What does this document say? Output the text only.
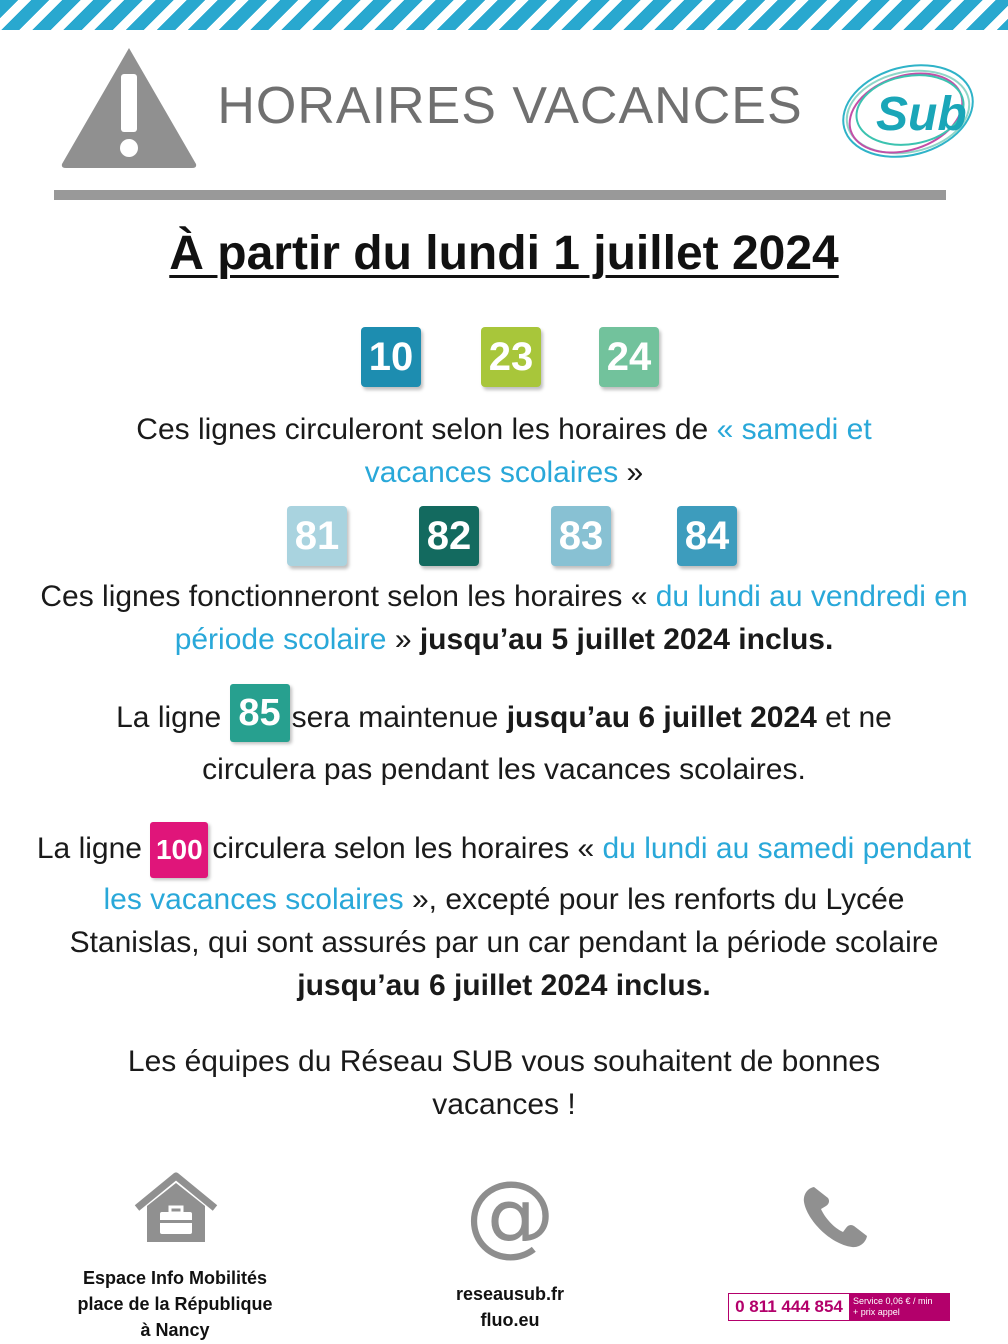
HORAIRES VACANCES	Sub
À partir du lundi 1 juillet 2024
10 23 24
Ces lignes circuleront selon les horaires de « samedi et vacances scolaires »
81 82 83 84
Ces lignes fonctionneront selon les horaires « du lundi au vendredi en période scolaire » jusqu’au 5 juillet 2024 inclus.
La ligne 85 sera maintenue jusqu’au 6 juillet 2024 et ne circulera pas pendant les vacances scolaires.
La ligne 100 circulera selon les horaires « du lundi au samedi pendant les vacances scolaires », excepté pour les renforts du Lycée Stanislas, qui sont assurés par un car pendant la période scolaire jusqu’au 6 juillet 2024 inclus.
Les équipes du Réseau SUB vous souhaitent de bonnes vacances !
Espace Info Mobilités
place de la République
à Nancy
@
reseausub.fr
fluo.eu
0 811 444 854	Service 0,06 € / min
+ prix appel
